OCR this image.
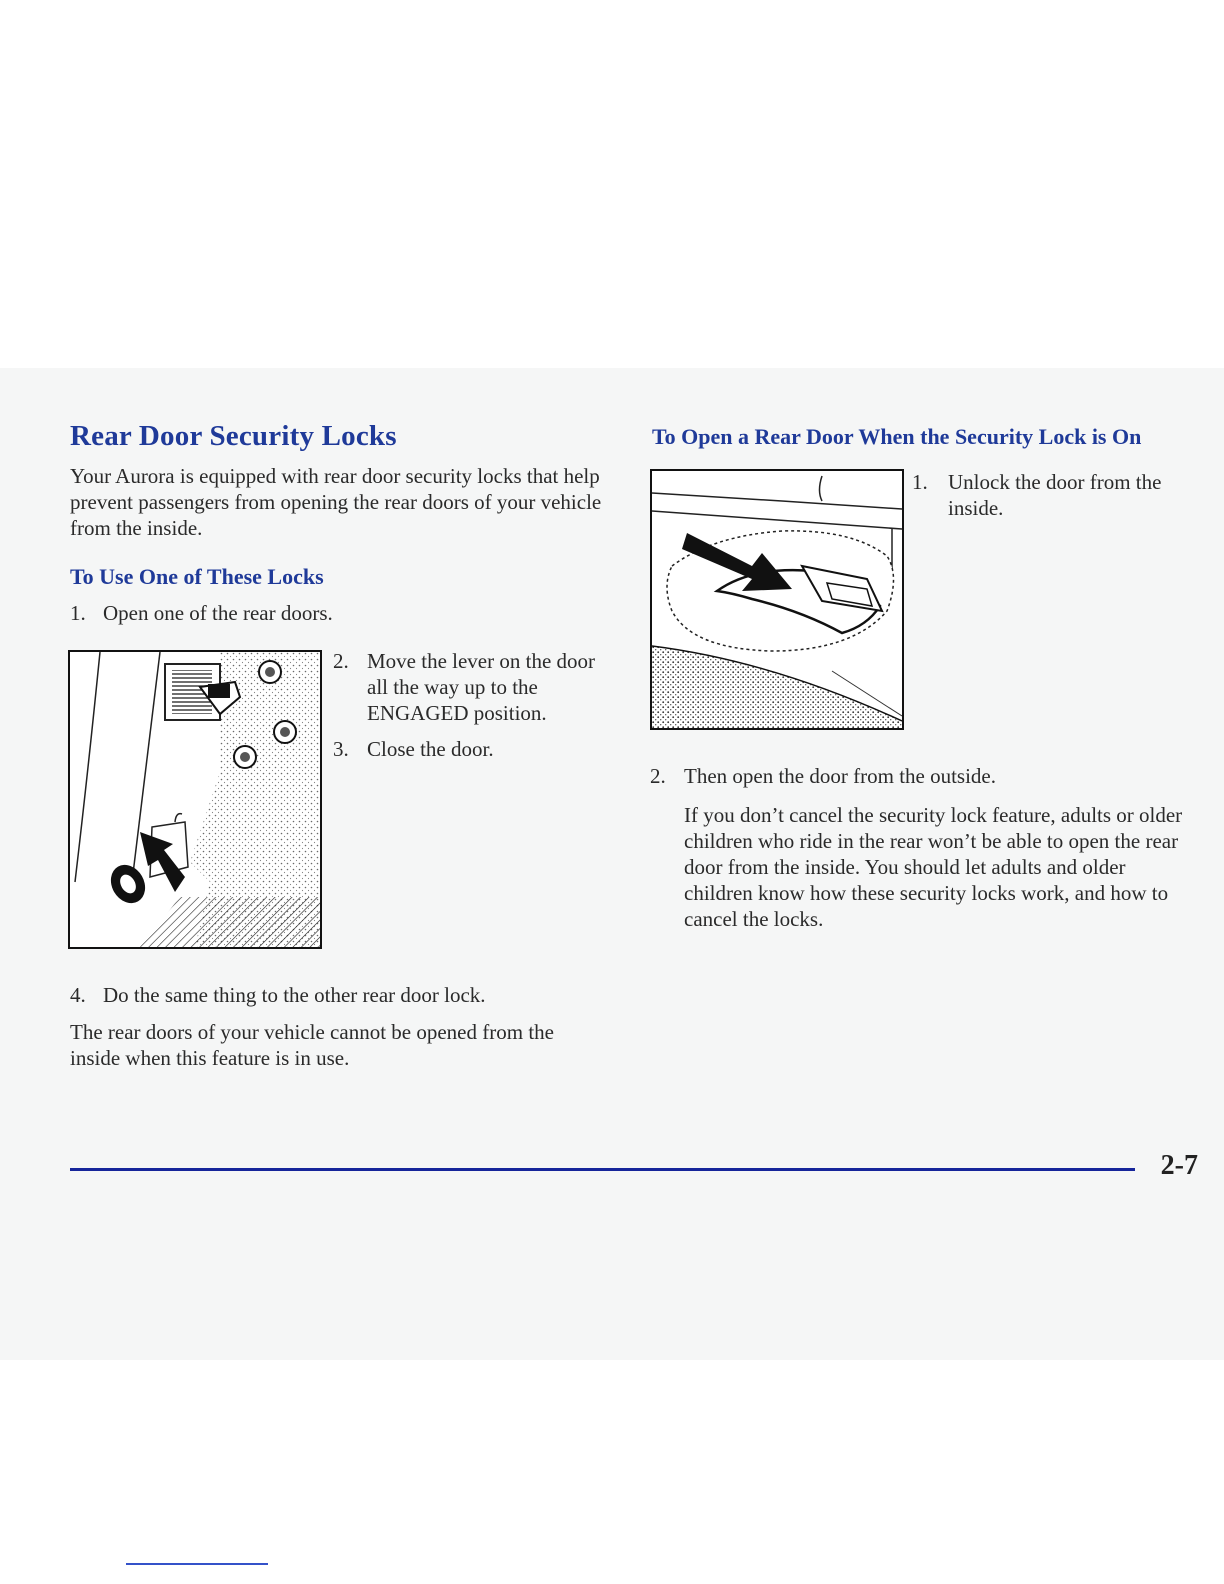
Rear Door Security Locks
Your Aurora is equipped with rear door security locks that help prevent passengers from opening the rear doors of your vehicle from the inside.
To Use One of These Locks
1. Open one of the rear doors.
2. Move the lever on the door all the way up to the ENGAGED position.
3. Close the door.
4. Do the same thing to the other rear door lock.
The rear doors of your vehicle cannot be opened from the inside when this feature is in use.
To Open a Rear Door When the Security Lock is On
1. Unlock the door from the inside.
2. Then open the door from the outside.
If you don’t cancel the security lock feature, adults or older children who ride in the rear won’t be able to open the rear door from the inside. You should let adults and older children know how these security locks work, and how to cancel the locks.
2-7
